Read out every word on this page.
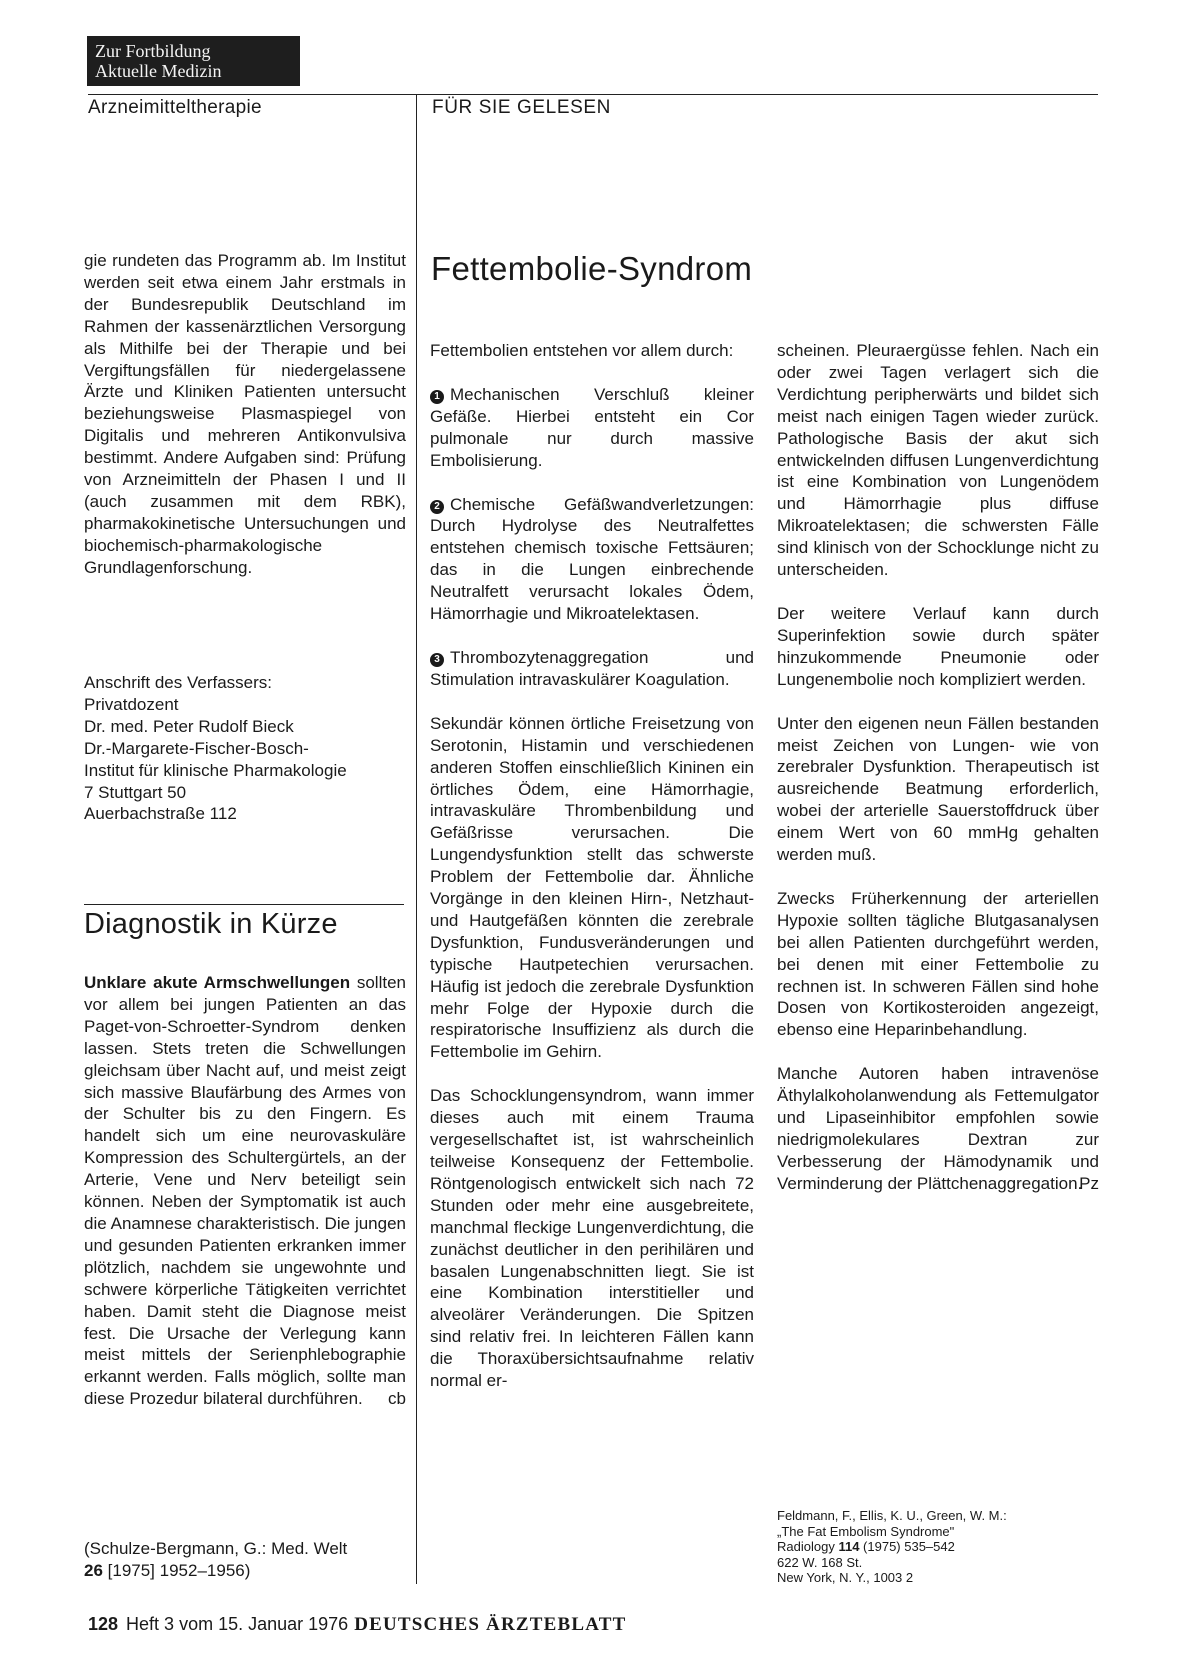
Zur Fortbildung
Aktuelle Medizin
Arzneimitteltherapie	FÜR SIE GELESEN

gie rundeten das Programm ab. Im Institut werden seit etwa einem Jahr erstmals in der Bundesrepublik Deutschland im Rahmen der kassenärztlichen Versorgung als Mithilfe bei der Therapie und bei Vergiftungsfällen für niedergelassene Ärzte und Kliniken Patienten untersucht beziehungsweise Plasmaspiegel von Digitalis und mehreren Antikonvulsiva bestimmt. Andere Aufgaben sind: Prüfung von Arzneimitteln der Phasen I und II (auch zusammen mit dem RBK), pharmakokinetische Untersuchungen und biochemisch-pharmakologische Grundlagenforschung.

Anschrift des Verfassers:
Privatdozent
Dr. med. Peter Rudolf Bieck
Dr.-Margarete-Fischer-Bosch-
Institut für klinische Pharmakologie
7 Stuttgart 50
Auerbachstraße 112
Diagnostik in Kürze

Unklare akute Armschwellungen sollten vor allem bei jungen Patienten an das Paget-von-Schroetter-Syndrom denken lassen. Stets treten die Schwellungen gleichsam über Nacht auf, und meist zeigt sich massive Blaufärbung des Armes von der Schulter bis zu den Fingern. Es handelt sich um eine neurovaskuläre Kompression des Schultergürtels, an der Arterie, Vene und Nerv beteiligt sein können. Neben der Symptomatik ist auch die Anamnese charakteristisch. Die jungen und gesunden Patienten erkranken immer plötzlich, nachdem sie ungewohnte und schwere körperliche Tätigkeiten verrichtet haben. Damit steht die Diagnose meist fest. Die Ursache der Verlegung kann meist mittels der Serienphlebographie erkannt werden. Falls möglich, sollte man diese Prozedur bilateral durchführen.	cb

(Schulze-Bergmann, G.: Med. Welt
26 [1975] 1952–1956)
Fettembolie-Syndrom

Fettembolien entstehen vor allem durch:

1 Mechanischen Verschluß kleiner Gefäße. Hierbei entsteht ein Cor pulmonale nur durch massive Embolisierung.

2 Chemische Gefäßwandverletzungen: Durch Hydrolyse des Neutralfettes entstehen chemisch toxische Fettsäuren; das in die Lungen einbrechende Neutralfett verursacht lokales Ödem, Hämorrhagie und Mikroatelektasen.

3 Thrombozytenaggregation und Stimulation intravaskulärer Koagulation.

Sekundär können örtliche Freisetzung von Serotonin, Histamin und verschiedenen anderen Stoffen einschließlich Kininen ein örtliches Ödem, eine Hämorrhagie, intravaskuläre Thrombenbildung und Gefäßrisse verursachen. Die Lungendysfunktion stellt das schwerste Problem der Fettembolie dar. Ähnliche Vorgänge in den kleinen Hirn-, Netzhaut- und Hautgefäßen könnten die zerebrale Dysfunktion, Fundusveränderungen und typische Hautpetechien verursachen. Häufig ist jedoch die zerebrale Dysfunktion mehr Folge der Hypoxie durch die respiratorische Insuffizienz als durch die Fettembolie im Gehirn.

Das Schocklungensyndrom, wann immer dieses auch mit einem Trauma vergesellschaftet ist, ist wahrscheinlich teilweise Konsequenz der Fettembolie. Röntgenologisch entwickelt sich nach 72 Stunden oder mehr eine ausgebreitete, manchmal fleckige Lungenverdichtung, die zunächst deutlicher in den perihilären und basalen Lungenabschnitten liegt. Sie ist eine Kombination interstitieller und alveolärer Veränderungen. Die Spitzen sind relativ frei. In leichteren Fällen kann die Thoraxübersichtsaufnahme relativ normal er-

scheinen. Pleuraergüsse fehlen. Nach ein oder zwei Tagen verlagert sich die Verdichtung peripherwärts und bildet sich meist nach einigen Tagen wieder zurück. Pathologische Basis der akut sich entwickelnden diffusen Lungenverdichtung ist eine Kombination von Lungenödem und Hämorrhagie plus diffuse Mikroatelektasen; die schwersten Fälle sind klinisch von der Schocklunge nicht zu unterscheiden.

Der weitere Verlauf kann durch Superinfektion sowie durch später hinzukommende Pneumonie oder Lungenembolie noch kompliziert werden.

Unter den eigenen neun Fällen bestanden meist Zeichen von Lungen- wie von zerebraler Dysfunktion. Therapeutisch ist ausreichende Beatmung erforderlich, wobei der arterielle Sauerstoffdruck über einem Wert von 60 mmHg gehalten werden muß.

Zwecks Früherkennung der arteriellen Hypoxie sollten tägliche Blutgasanalysen bei allen Patienten durchgeführt werden, bei denen mit einer Fettembolie zu rechnen ist. In schweren Fällen sind hohe Dosen von Kortikosteroiden angezeigt, ebenso eine Heparinbehandlung.

Manche Autoren haben intravenöse Äthylalkoholanwendung als Fettemulgator und Lipaseinhibitor empfohlen sowie niedrigmolekulares Dextran zur Verbesserung der Hämodynamik und Verminderung der Plättchenaggregation.
Pz

Feldmann, F., Ellis, K. U., Green, W. M.:
„The Fat Embolism Syndrome"
Radiology 114 (1975) 535–542
622 W. 168 St.
New York, N. Y., 1003 2
128 Heft 3 vom 15. Januar 1976 DEUTSCHES ÄRZTEBLATT
